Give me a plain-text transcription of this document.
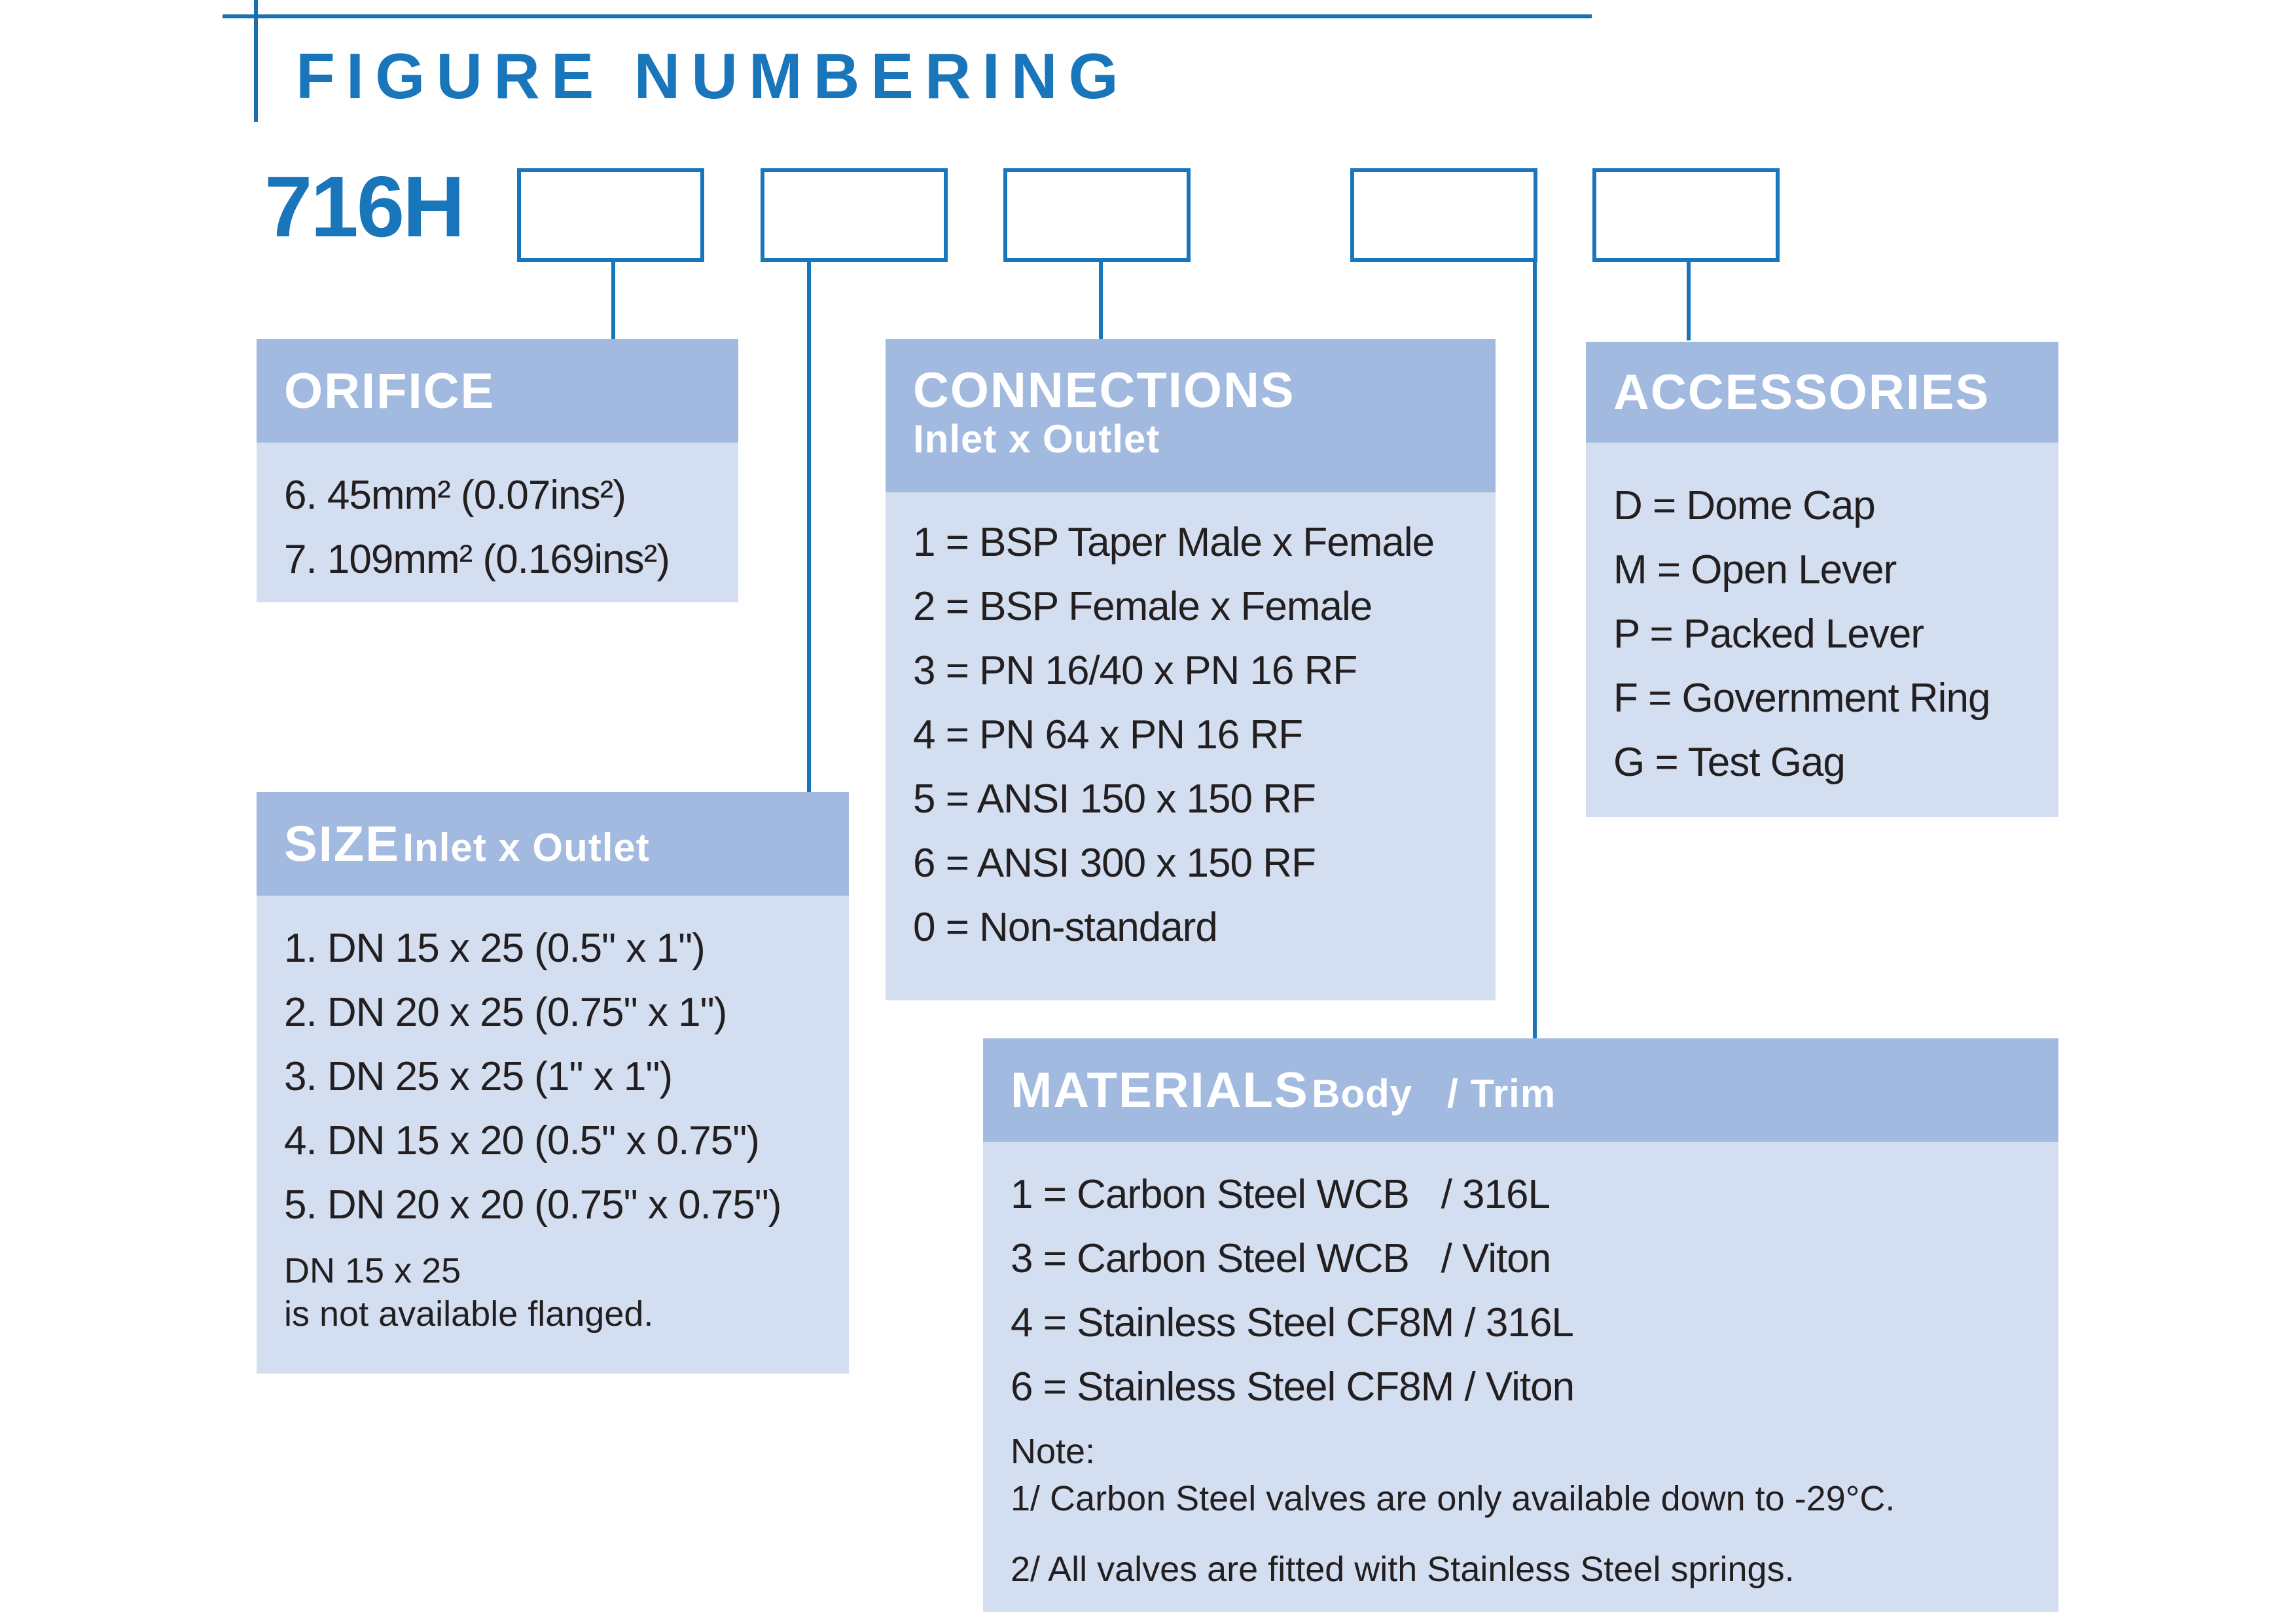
FIGURE NUMBERING
716H
ORIFICE
6. 45mm² (0.07ins²)
7. 109mm² (0.169ins²)
SIZE Inlet x Outlet
1. DN 15 x 25 (0.5" x 1")
2. DN 20 x 25 (0.75" x 1")
3. DN 25 x 25 (1" x 1")
4. DN 15 x 20 (0.5" x 0.75")
5. DN 20 x 20 (0.75" x 0.75")
DN 15 x 25
is not available flanged.
CONNECTIONS
Inlet x Outlet
1 = BSP Taper Male x Female
2 = BSP Female x Female
3 = PN 16/40 x PN 16 RF
4 = PN 64 x PN 16 RF
5 = ANSI 150 x 150 RF
6 = ANSI 300 x 150 RF
0 = Non-standard
ACCESSORIES
D = Dome Cap
M = Open Lever
P = Packed Lever
F = Government Ring
G = Test Gag
MATERIALS Body   / Trim
1 = Carbon Steel WCB   / 316L
3 = Carbon Steel WCB   / Viton
4 = Stainless Steel CF8M / 316L
6 = Stainless Steel CF8M / Viton
Note:
1/ Carbon Steel valves are only available down to -29°C.
2/ All valves are fitted with Stainless Steel springs.
